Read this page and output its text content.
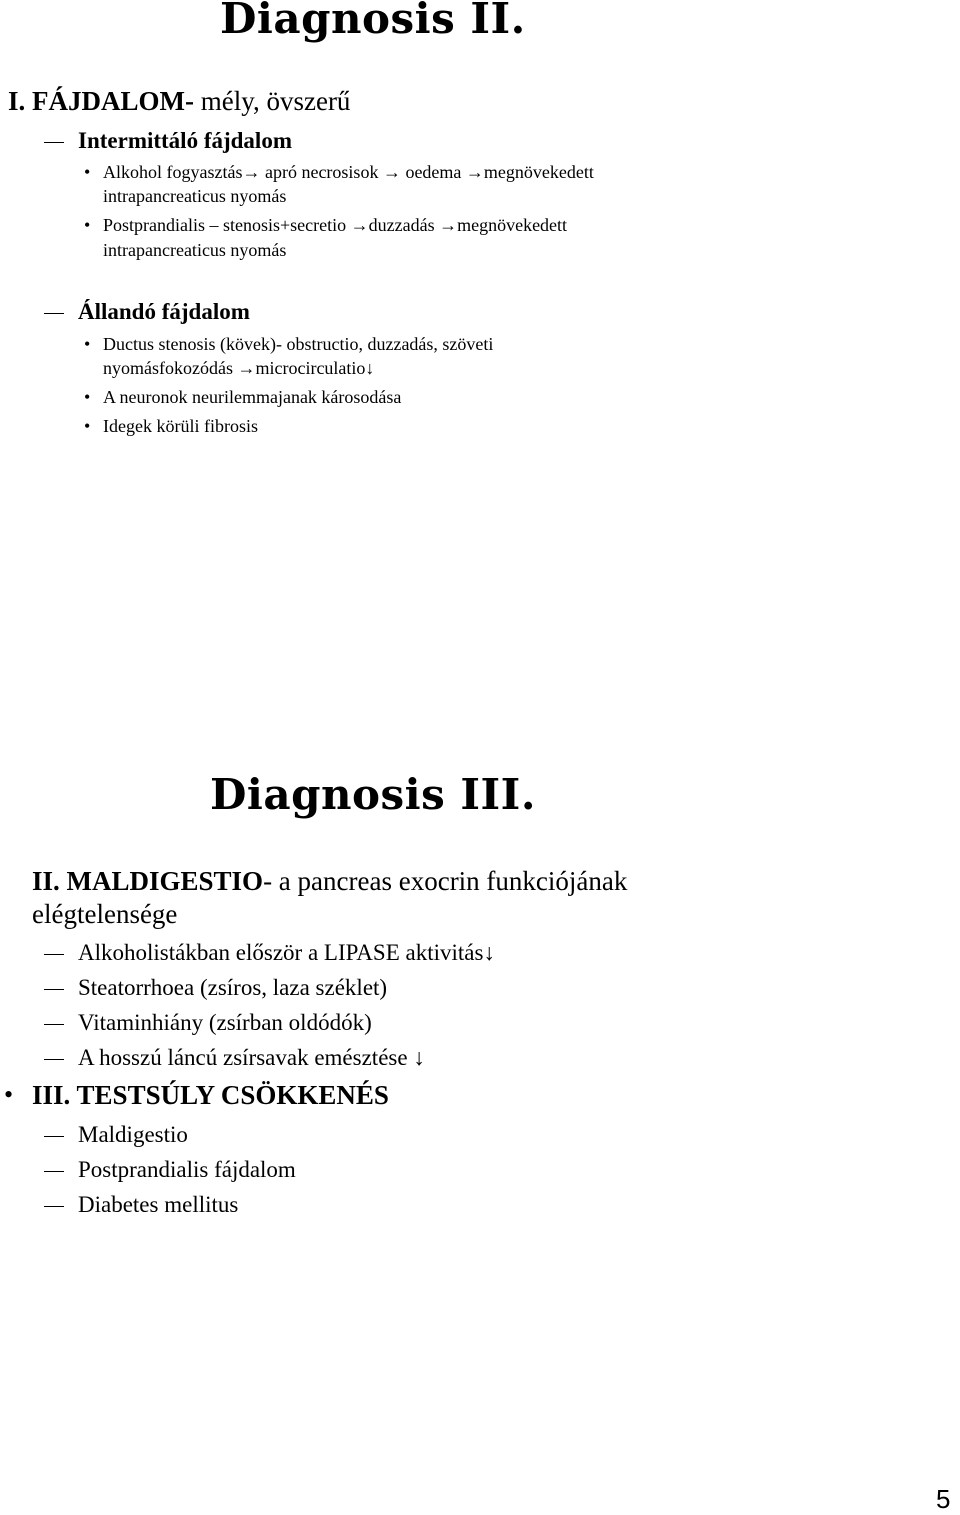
Diagnosis II.
I. FÁJDALOM- mély, övszerű
Intermittáló fájdalom
• Alkohol fogyasztás→ apró necrosisok → oedema →megnövekedett
intrapancreaticus nyomás
• Postprandialis – stenosis+secretio →duzzadás →megnövekedett
intrapancreaticus nyomás
Állandó fájdalom
• Ductus stenosis (kövek)- obstructio, duzzadás, szöveti
nyomásfokozódás →microcirculatio↓
• A neuronok neurilemmajanak károsodása
• Idegek körüli fibrosis
Diagnosis III.
II. MALDIGESTIO- a pancreas exocrin funkciójának
elégtelensége
Alkoholistákban először a LIPASE aktivitás↓
Steatorrhoea (zsíros, laza széklet)
Vitaminhiány (zsírban oldódók)
A hosszú láncú zsírsavak emésztése ↓
• III. TESTSÚLY CSÖKKENÉS
Maldigestio
Postprandialis fájdalom
Diabetes mellitus
5
